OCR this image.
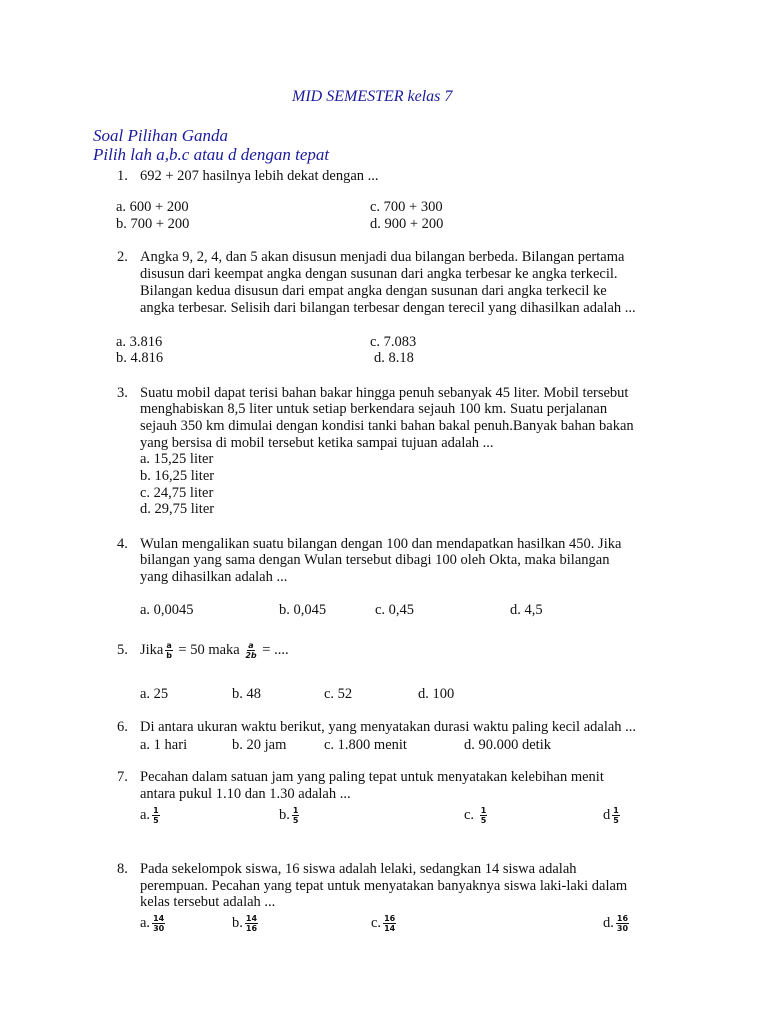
MID SEMESTER kelas 7
Soal Pilihan Ganda
Pilih lah a,b.c atau d dengan tepat
1. 692 + 207 hasilnya lebih dekat dengan ...
a. 600 + 200
b. 700 + 200
c. 700 + 300
d. 900 + 200
2. Angka 9, 2, 4, dan 5 akan disusun menjadi dua bilangan berbeda. Bilangan pertama
disusun dari keempat angka dengan susunan dari angka terbesar ke angka terkecil.
Bilangan kedua disusun dari empat angka dengan susunan dari angka terkecil ke
angka terbesar. Selisih dari bilangan terbesar dengan terecil yang dihasilkan adalah ...
a. 3.816
b. 4.816
c. 7.083
d. 8.18
3. Suatu mobil dapat terisi bahan bakar hingga penuh sebanyak 45 liter. Mobil tersebut
menghabiskan 8,5 liter untuk setiap berkendara sejauh 100 km. Suatu perjalanan
sejauh 350 km dimulai dengan kondisi tanki bahan bakal penuh.Banyak bahan bakan
yang bersisa di mobil tersebut ketika sampai tujuan adalah ...
a. 15,25 liter
b. 16,25 liter
c. 24,75 liter
d. 29,75 liter
4. Wulan mengalikan suatu bilangan dengan 100 dan mendapatkan hasilkan 450. Jika
bilangan yang sama dengan Wulan tersebut dibagi 100 oleh Okta, maka bilangan
yang dihasilkan adalah ...
a. 0,0045	b. 0,045	c. 0,45	d. 4,5
5. Jika $\frac{a}{b} = 50$ maka $\frac{a}{2b}$ = ....
a. 25	b. 48	c. 52	d. 100
6. Di antara ukuran waktu berikut, yang menyatakan durasi waktu paling kecil adalah ...
a. 1 hari	b. 20 jam	c. 1.800 menit	d. 90.000 detik
7. Pecahan dalam satuan jam yang paling tepat untuk menyatakan kelebihan menit
antara pukul 1.10 dan 1.30 adalah ...
a. $\frac{1}{5}$	b. $\frac{1}{5}$	c. $\frac{1}{5}$	d $\frac{1}{5}$
8. Pada sekelompok siswa, 16 siswa adalah lelaki, sedangkan 14 siswa adalah
perempuan. Pecahan yang tepat untuk menyatakan banyaknya siswa laki-laki dalam
kelas tersebut adalah ...
a. $\frac{14}{30}$	b. $\frac{14}{16}$	c. $\frac{16}{14}$	d. $\frac{16}{30}$
